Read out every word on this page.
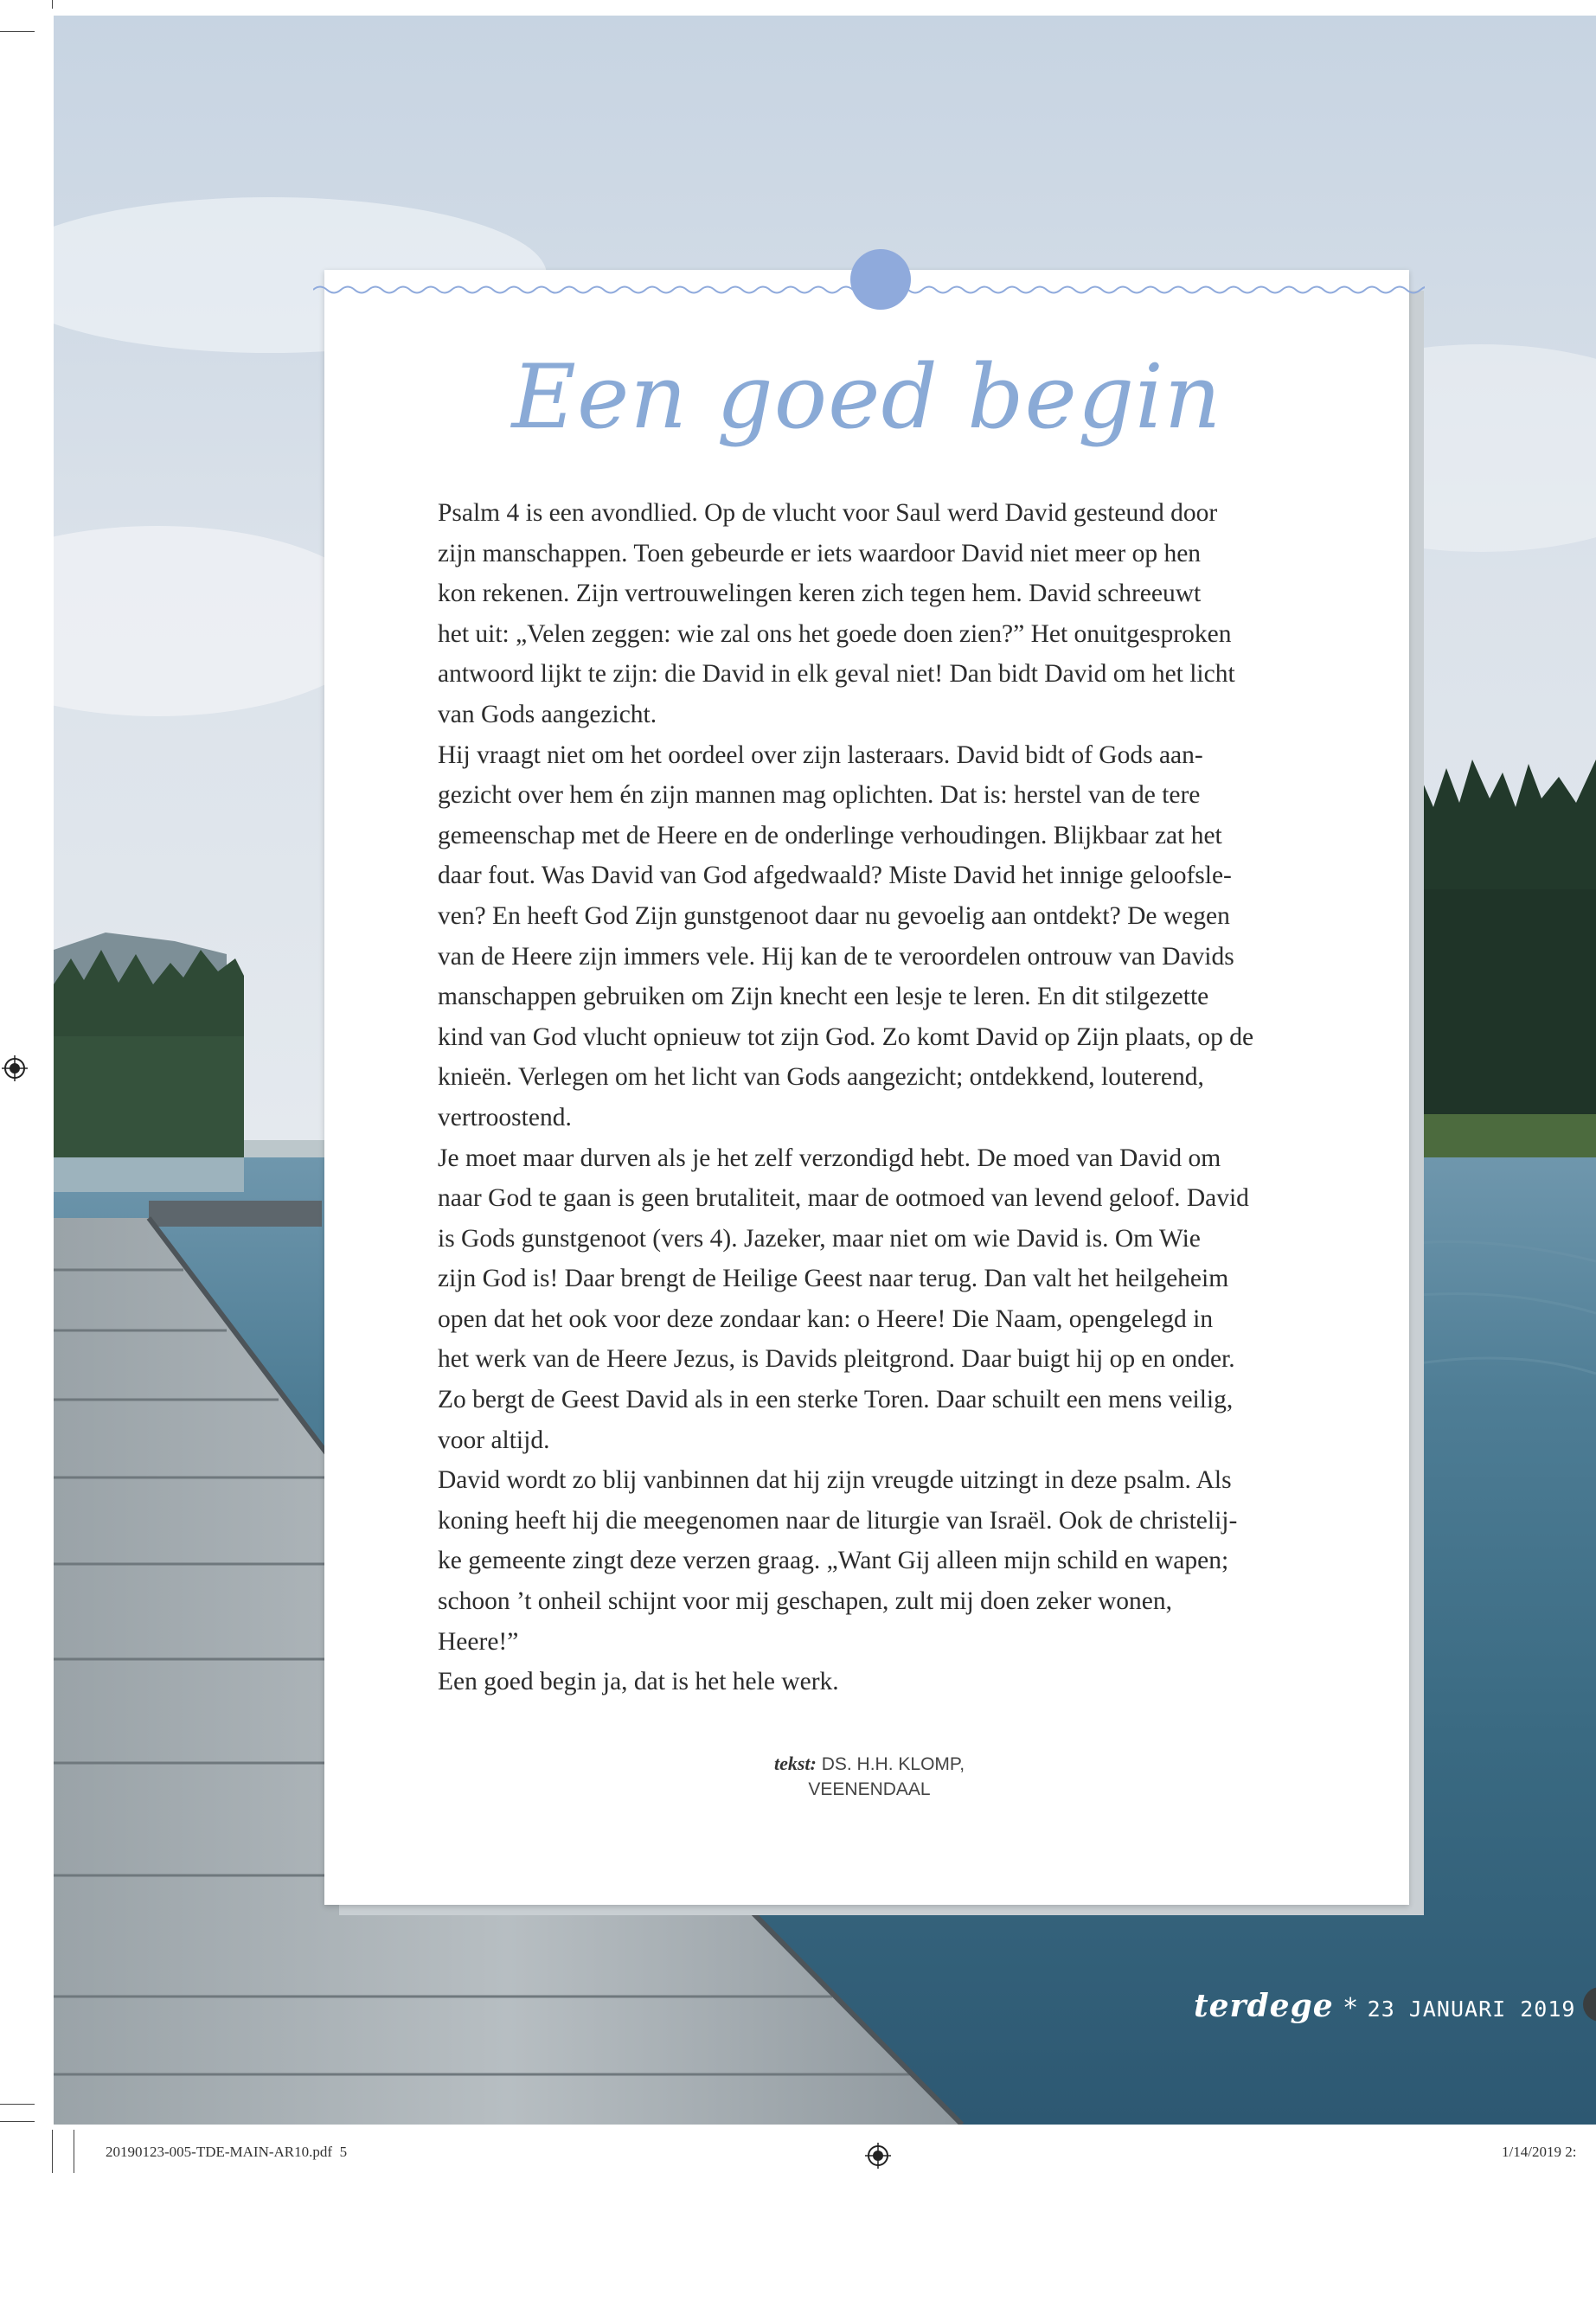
Een goed begin
Psalm 4 is een avondlied. Op de vlucht voor Saul werd David gesteund door
zijn manschappen. Toen gebeurde er iets waardoor David niet meer op hen
kon rekenen. Zijn vertrouwelingen keren zich tegen hem. David schreeuwt
het uit: „Velen zeggen: wie zal ons het goede doen zien?” Het onuitgesproken
antwoord lijkt te zijn: die David in elk geval niet! Dan bidt David om het licht
van Gods aangezicht.
Hij vraagt niet om het oordeel over zijn lasteraars. David bidt of Gods aan-
gezicht over hem én zijn mannen mag oplichten. Dat is: herstel van de tere
gemeenschap met de Heere en de onderlinge verhoudingen. Blijkbaar zat het
daar fout. Was David van God afgedwaald? Miste David het innige geloofsle-
ven? En heeft God Zijn gunstgenoot daar nu gevoelig aan ontdekt? De wegen
van de Heere zijn immers vele. Hij kan de te veroordelen ontrouw van Davids
manschappen gebruiken om Zijn knecht een lesje te leren. En dit stilgezette
kind van God vlucht opnieuw tot zijn God. Zo komt David op Zijn plaats, op de
knieën. Verlegen om het licht van Gods aangezicht; ontdekkend, louterend,
vertroostend.
Je moet maar durven als je het zelf verzondigd hebt. De moed van David om
naar God te gaan is geen brutaliteit, maar de ootmoed van levend geloof. David
is Gods gunstgenoot (vers 4). Jazeker, maar niet om wie David is. Om Wie
zijn God is! Daar brengt de Heilige Geest naar terug. Dan valt het heilgeheim
open dat het ook voor deze zondaar kan: o Heere! Die Naam, opengelegd in
het werk van de Heere Jezus, is Davids pleitgrond. Daar buigt hij op en onder.
Zo bergt de Geest David als in een sterke Toren. Daar schuilt een mens veilig,
voor altijd.
David wordt zo blij vanbinnen dat hij zijn vreugde uitzingt in deze psalm. Als
koning heeft hij die meegenomen naar de liturgie van Israël. Ook de christelij-
ke gemeente zingt deze verzen graag. „Want Gij alleen mijn schild en wapen;
schoon ’t onheil schijnt voor mij geschapen, zult mij doen zeker wonen,
Heere!”
Een goed begin ja, dat is het hele werk.
tekst: DS. H.H. KLOMP,
VEENENDAAL
terdege * 23 JANUARI 2019
20190123-005-TDE-MAIN-AR10.pdf 5	1/14/2019 2:
